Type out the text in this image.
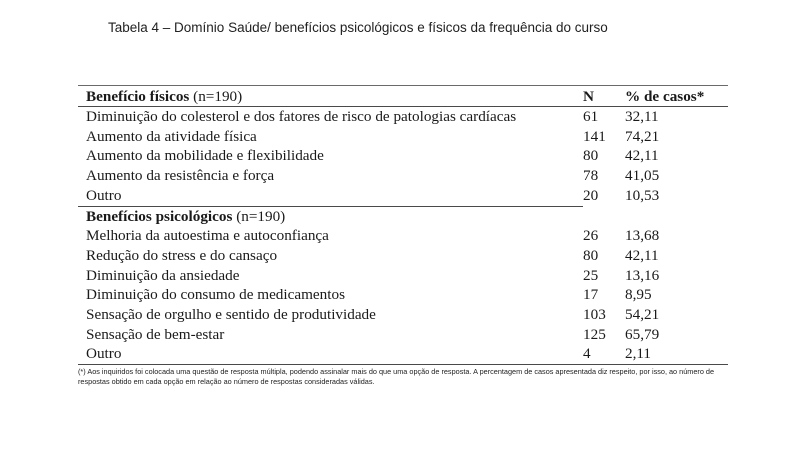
Tabela 4 – Domínio Saúde/ benefícios psicológicos e físicos da frequência do curso
Benefício físicos (n=190)	N	% de casos*
Diminuição do colesterol e dos fatores de risco de patologias cardíacas	61	32,11
Aumento da atividade física	141	74,21
Aumento da mobilidade e flexibilidade	80	42,11
Aumento da resistência e força	78	41,05
Outro	20	10,53
Benefícios psicológicos (n=190)		
Melhoria da autoestima e autoconfiança	26	13,68
Redução do stress e do cansaço	80	42,11
Diminuição da ansiedade	25	13,16
Diminuição do consumo de medicamentos	17	8,95
Sensação de orgulho e sentido de produtividade	103	54,21
Sensação de bem-estar	125	65,79
Outro	4	2,11
(*) Aos inquiridos foi colocada uma questão de resposta múltipla, podendo assinalar mais do que uma opção de resposta. A percentagem de casos apresentada diz respeito, por isso, ao número de respostas obtido em cada opção em relação ao número de respostas consideradas válidas.
